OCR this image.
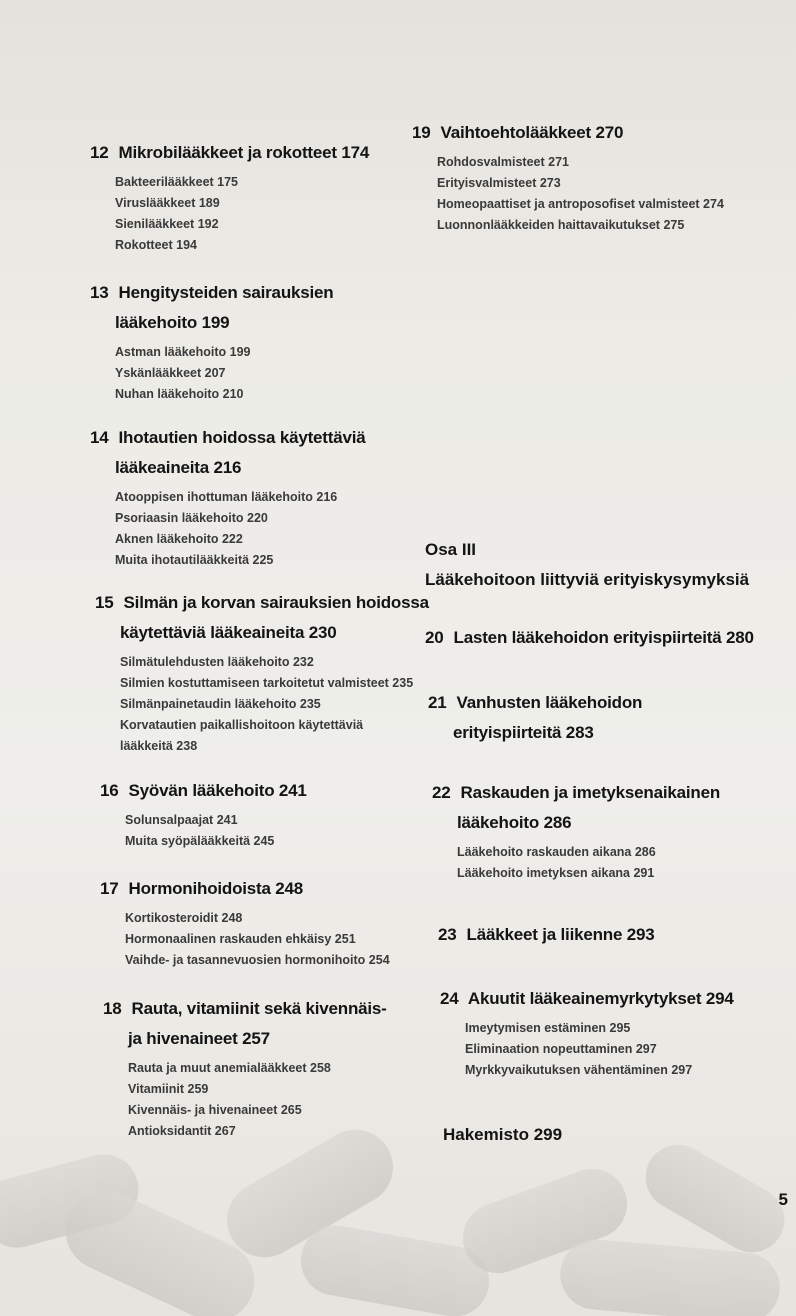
12 Mikrobilääkkeet ja rokotteet 174
Bakteerilääkkeet 175
Viruslääkkeet 189
Sienilääkkeet 192
Rokotteet 194
13 Hengitysteiden sairauksien
lääkehoito 199
Astman lääkehoito 199
Yskänlääkkeet 207
Nuhan lääkehoito 210
14 Ihotautien hoidossa käytettäviä
lääkeaineita 216
Atooppisen ihottuman lääkehoito 216
Psoriaasin lääkehoito 220
Aknen lääkehoito 222
Muita ihotautilääkkeitä 225
15 Silmän ja korvan sairauksien hoidossa
käytettäviä lääkeaineita 230
Silmätulehdusten lääkehoito 232
Silmien kostuttamiseen tarkoitetut valmisteet 235
Silmänpainetaudin lääkehoito 235
Korvatautien paikallishoitoon käytettäviä
lääkkeitä 238
16 Syövän lääkehoito 241
Solunsalpaajat 241
Muita syöpälääkkeitä 245
17 Hormonihoidoista 248
Kortikosteroidit 248
Hormonaalinen raskauden ehkäisy 251
Vaihde- ja tasannevuosien hormonihoito 254
18 Rauta, vitamiinit sekä kivennäis-
ja hivenaineet 257
Rauta ja muut anemialääkkeet 258
Vitamiinit 259
Kivennäis- ja hivenaineet 265
Antioksidantit 267
19 Vaihtoehtolääkkeet 270
Rohdosvalmisteet 271
Erityisvalmisteet 273
Homeopaattiset ja antroposofiset valmisteet 274
Luonnonlääkkeiden haittavaikutukset 275
Osa III
Lääkehoitoon liittyviä erityiskysymyksiä
20 Lasten lääkehoidon erityispiirteitä 280
21 Vanhusten lääkehoidon
erityispiirteitä 283
22 Raskauden ja imetyksenaikainen
lääkehoito 286
Lääkehoito raskauden aikana 286
Lääkehoito imetyksen aikana 291
23 Lääkkeet ja liikenne 293
24 Akuutit lääkeainemyrkytykset 294
Imeytymisen estäminen 295
Eliminaation nopeuttaminen 297
Myrkkyvaikutuksen vähentäminen 297
Hakemisto 299
5
